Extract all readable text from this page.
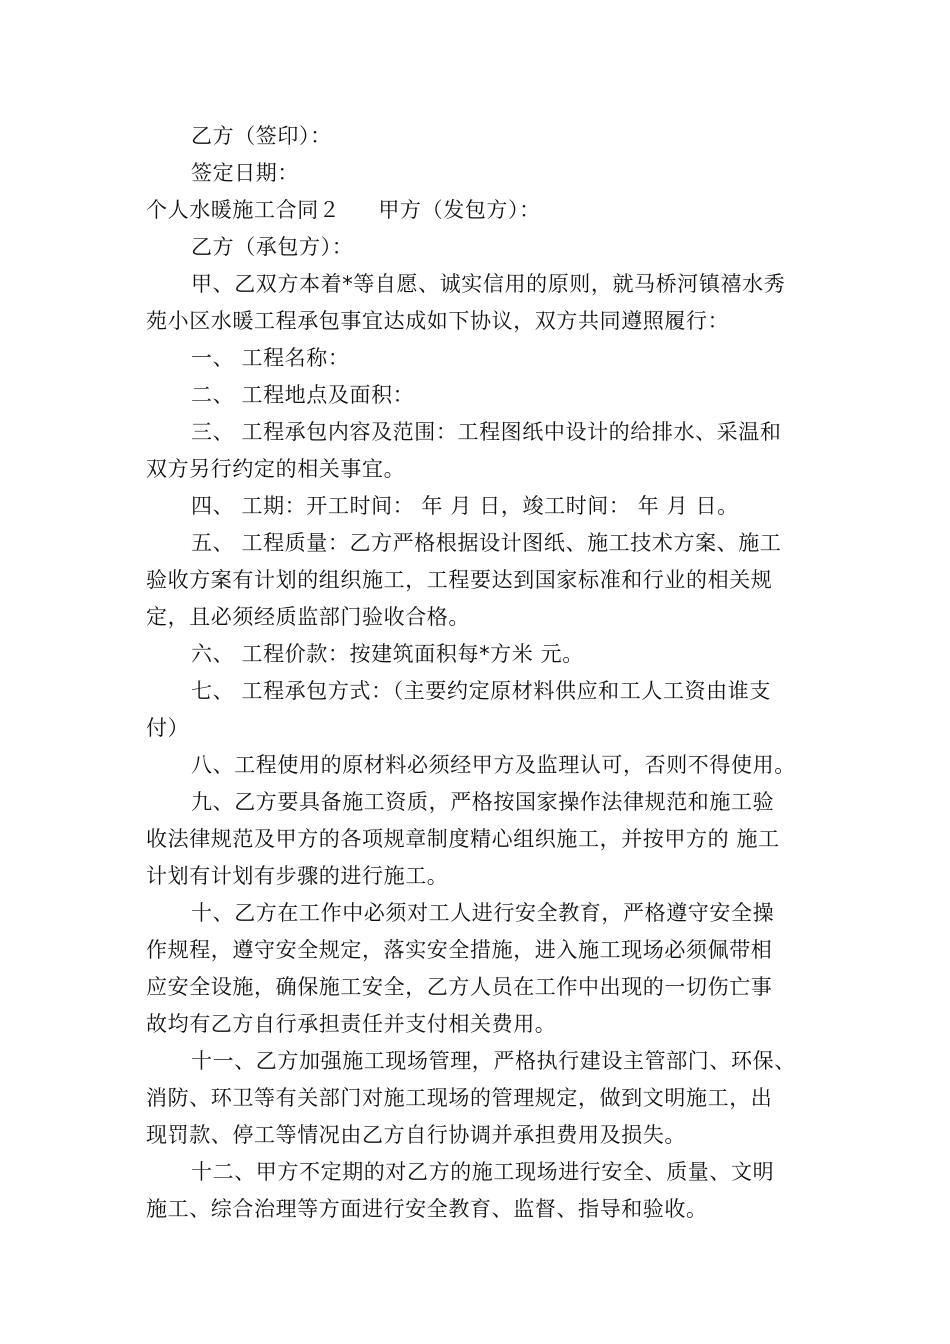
乙方（签印）：

签定日期：

个人水暖施工合同２ 甲方（发包方）：

乙方（承包方）：

甲、乙双方本着*等自愿、诚实信用的原则，就马桥河镇禧水秀

苑小区水暖工程承包事宜达成如下协议，双方共同遵照履行：

一、 工程名称：

二、 工程地点及面积：

三、 工程承包内容及范围：工程图纸中设计的给排水、采温和

双方另行约定的相关事宜。

四、 工期：开工时间： 年 月 日，竣工时间： 年 月 日。

五、 工程质量：乙方严格根据设计图纸、施工技术方案、施工

验收方案有计划的组织施工，工程要达到国家标准和行业的相关规

定，且必须经质监部门验收合格。

六、 工程价款：按建筑面积每*方米 元。

七、 工程承包方式：（主要约定原材料供应和工人工资由谁支

付）

八、工程使用的原材料必须经甲方及监理认可，否则不得使用。

九、乙方要具备施工资质，严格按国家操作法律规范和施工验

收法律规范及甲方的各项规章制度精心组织施工，并按甲方的 施工

计划有计划有步骤的进行施工。

十、乙方在工作中必须对工人进行安全教育，严格遵守安全操

作规程，遵守安全规定，落实安全措施，进入施工现场必须佩带相

应安全设施，确保施工安全，乙方人员在工作中出现的一切伤亡事

故均有乙方自行承担责任并支付相关费用。

十一、乙方加强施工现场管理，严格执行建设主管部门、环保、

消防、环卫等有关部门对施工现场的管理规定，做到文明施工，出

现罚款、停工等情况由乙方自行协调并承担费用及损失。

十二、甲方不定期的对乙方的施工现场进行安全、质量、文明

施工、综合治理等方面进行安全教育、监督、指导和验收。
